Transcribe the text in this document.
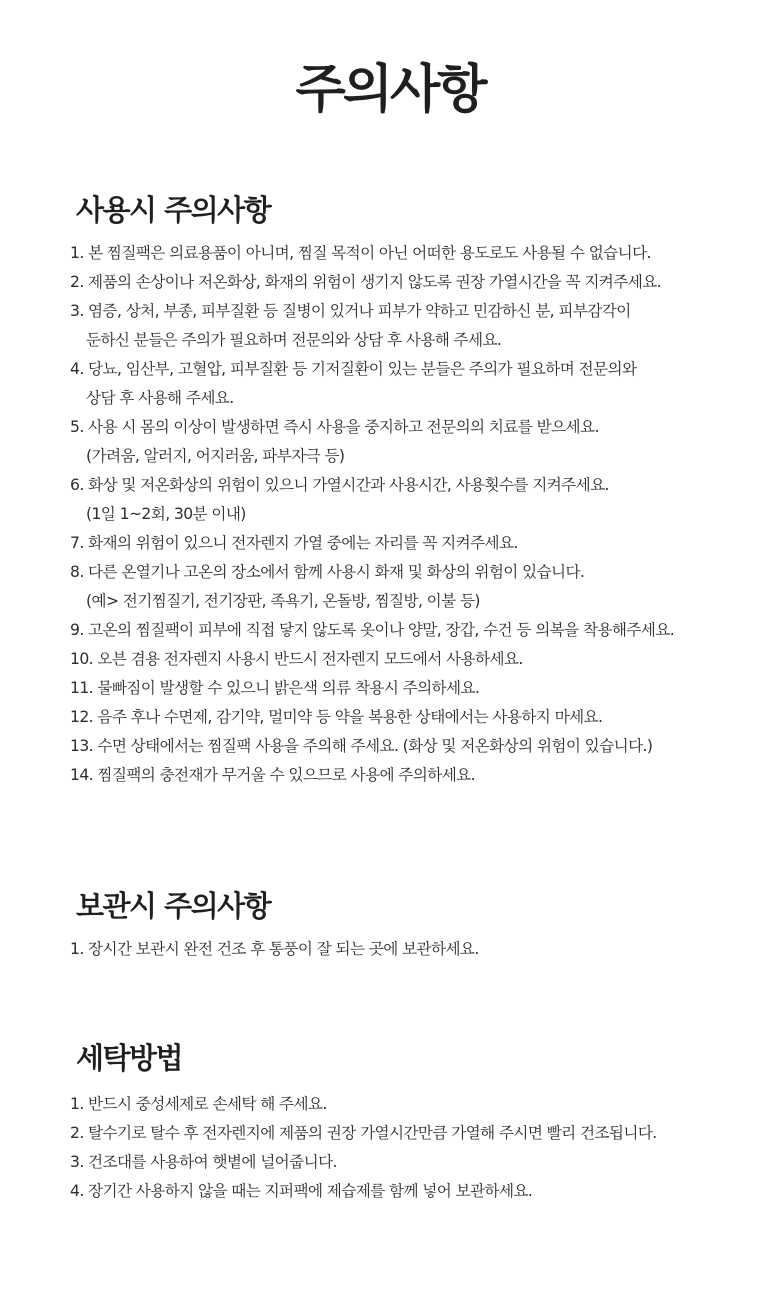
주의사항
사용시 주의사항
1. 본 찜질팩은 의료용품이 아니며, 찜질 목적이 아닌 어떠한 용도로도 사용될 수 없습니다.
2. 제품의 손상이나 저온화상, 화재의 위험이 생기지 않도록 권장 가열시간을 꼭 지켜주세요.
3. 염증, 상처, 부종, 피부질환 등 질병이 있거나 피부가 약하고 민감하신 분, 피부감각이
둔하신 분들은 주의가 필요하며 전문의와 상담 후 사용해 주세요.
4. 당뇨, 임산부, 고혈압, 피부질환 등 기저질환이 있는 분들은 주의가 필요하며 전문의와
상담 후 사용해 주세요.
5. 사용 시 몸의 이상이 발생하면 즉시 사용을 중지하고 전문의의 치료를 받으세요.
(가려움, 알러지, 어지러움, 파부자극 등)
6. 화상 및 저온화상의 위험이 있으니 가열시간과 사용시간, 사용횟수를 지켜주세요.
(1일 1~2회, 30분 이내)
7. 화재의 위험이 있으니 전자렌지 가열 중에는 자리를 꼭 지켜주세요.
8. 다른 온열기나 고온의 장소에서 함께 사용시 화재 및 화상의 위험이 있습니다.
(예> 전기찜질기, 전기장판, 족욕기, 온돌방, 찜질방, 이불 등)
9. 고온의 찜질팩이 피부에 직접 닿지 않도록 옷이나 양말, 장갑, 수건 등 의복을 착용해주세요.
10. 오븐 겸용 전자렌지 사용시 반드시 전자렌지 모드에서 사용하세요.
11. 물빠짐이 발생할 수 있으니 밝은색 의류 착용시 주의하세요.
12. 음주 후나 수면제, 감기약, 멀미약 등 약을 복용한 상태에서는 사용하지 마세요.
13. 수면 상태에서는 찜질팩 사용을 주의해 주세요. (화상 및 저온화상의 위험이 있습니다.)
14. 찜질팩의 충전재가 무거울 수 있으므로 사용에 주의하세요.
보관시 주의사항
1. 장시간 보관시 완전 건조 후 통풍이 잘 되는 곳에 보관하세요.
세탁방법
1. 반드시 중성세제로 손세탁 해 주세요.
2. 탈수기로 탈수 후 전자렌지에 제품의 권장 가열시간만큼 가열해 주시면 빨리 건조됩니다.
3. 건조대를 사용하여 햇볕에 널어줍니다.
4. 장기간 사용하지 않을 때는 지퍼팩에 제습제를 함께 넣어 보관하세요.
